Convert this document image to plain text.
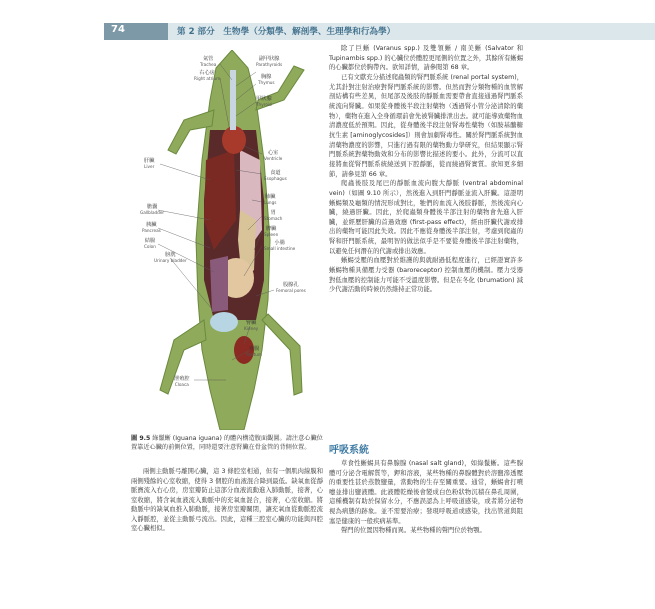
74	第 2 部分　生物學（分類學、解剖學、生理學和行為學）
氣管
Trachea
右心房
Right atrium
副甲狀腺
Parathyroids
胸腺
Thymus
甲狀腺
Thyroid
心室
Ventricle
食道
Esophagus
肝臟
Liver
肺臟
Lungs
胃
Stomach
膽囊
Gallbladder
脾臟
Spleen
胰臟
Pancreas
小腸
Small intestine
結腸
Colon
膀胱
Urinary bladder
股腺孔
Femoral pores
腎臟
Kidney
直腸
Rectum
泄殖腔
Cloaca
圖 9.5 綠鬣蜥 (Iguana iguana) 的體內構造腹面觀圖。請注意心臟位置靠近心臟的前側位置，同時還要注意腎臟在骨盆管的背側位置。
兩側主動脈弓離開心臟，這 3 條腔室相通，但有一個肌肉線膜和兩側殘餘的心室收縮，使得 3 個腔的血液混合降到最低。缺氧血從靜脈竇流入右心房，房室瓣防止這部分血液流動進入肺動脈，接著，心室收縮，將含氧血液流入動脈中的充氧血混合，接著，心室收縮。將動脈中的缺氧血推入肺動脈，接著房室瓣關閉，讓充氧血從動脈腔流入靜脈腔，並從主動脈弓流出。因此，這種三腔室心臟的功能與四腔室心臟相似。

除了巨蜥 (Varanus spp.) 及雙領蜥 / 南美蜥 (Salvator 和 Tupinambis spp.) 的心臟位於體腔更尾側的位置之外，其餘所有蜥蜴的心臟都位於胸帶內。欲知詳情，請參閱第 68 章。

已有文獻充分描述爬蟲類的腎門脈系統 (renal portal system)，尤其針對注射治療對腎門脈系統的影響。但然而對分類物種的血管解剖結構有些差異，但尾部及後肢的靜脈血需要帶會直接通過腎門脈系統流向腎臟。如果從身體後半段注射藥物（透過腎小管分泌清除的藥物），藥物在進入全身循環前會先被腎臟排泄出去。就可能導致藥物血清濃度低於預期。因此，從身體後半段注射腎毒性藥物（如胺基醣糖抗生素 [aminoglycosides]）則會加劇腎毒性。關於腎門脈系統對血清藥物濃度的影響，只進行過有限的藥物動力學研究，但結果顯示腎門脈系統對藥物動效和分布的影響比描述的要小。此外，分流可以直接將血從腎門脈系統繞送到下腔靜脈，從而繞過腎實質。欲知更多細節，請參見第 66 章。

爬蟲後肢及尾巴的靜脈血流向腹大靜脈 (ventral abdominal vein)（如圖 9.10 所示），然後進入到肝門靜脈並流入肝臟。這證明蜥蜴類及龜類的情況形成對比，牠們的血流入後肢靜脈，然後流向心臟，繞過肝臟。因此，於爬蟲類身體後半部注射的藥物會先進入肝臟，並經歷肝臟的首過效應 (first-pass effect)，經由肝臟代謝或排出的藥物可能因此失效。因此不應從身體後半部注射，考慮到爬蟲的腎和肝門脈系統，最明智的做法似乎是不要從身體後半部注射藥物，以避免任何潛在的代謝或排出效應。

蜥蜴受壓的血壓對於維護的與就耐過低程度進行，已經證實許多蜥蜴物種具備壓力受器 (baroreceptor) 控制血壓的機制。壓力受器對低血壓的控制能力可能不受溫度影響。但是在冬化 (brumation) 減少代謝活動的時候仍然維持正常功能。

呼吸系統

草食性蜥蜴具有鼻腺腺 (nasal salt gland)，如綠鬣蜥。這些腺體可分泌含電解質等，鉀和溶液，某些物種的鼻腺體對於溶鹽滲透壓的重要性甚於蒸散鹽量，當動物的生存至關重要。通常，蜥蜴會打噴嚏並排出鹽液體。此液體乾燥後會變成白色粉狀物沉積在鼻孔周圍，這種機制有助於保留水分，不應誤認為上呼吸道感染，或者將分泌物視為病態的跡象。並不需要治療；發現呼吸道或感染，找出管道與阻塞是健康的一般疾病基準。

聲門的位置因物種而異。某些物種的聲門位於物顎。
